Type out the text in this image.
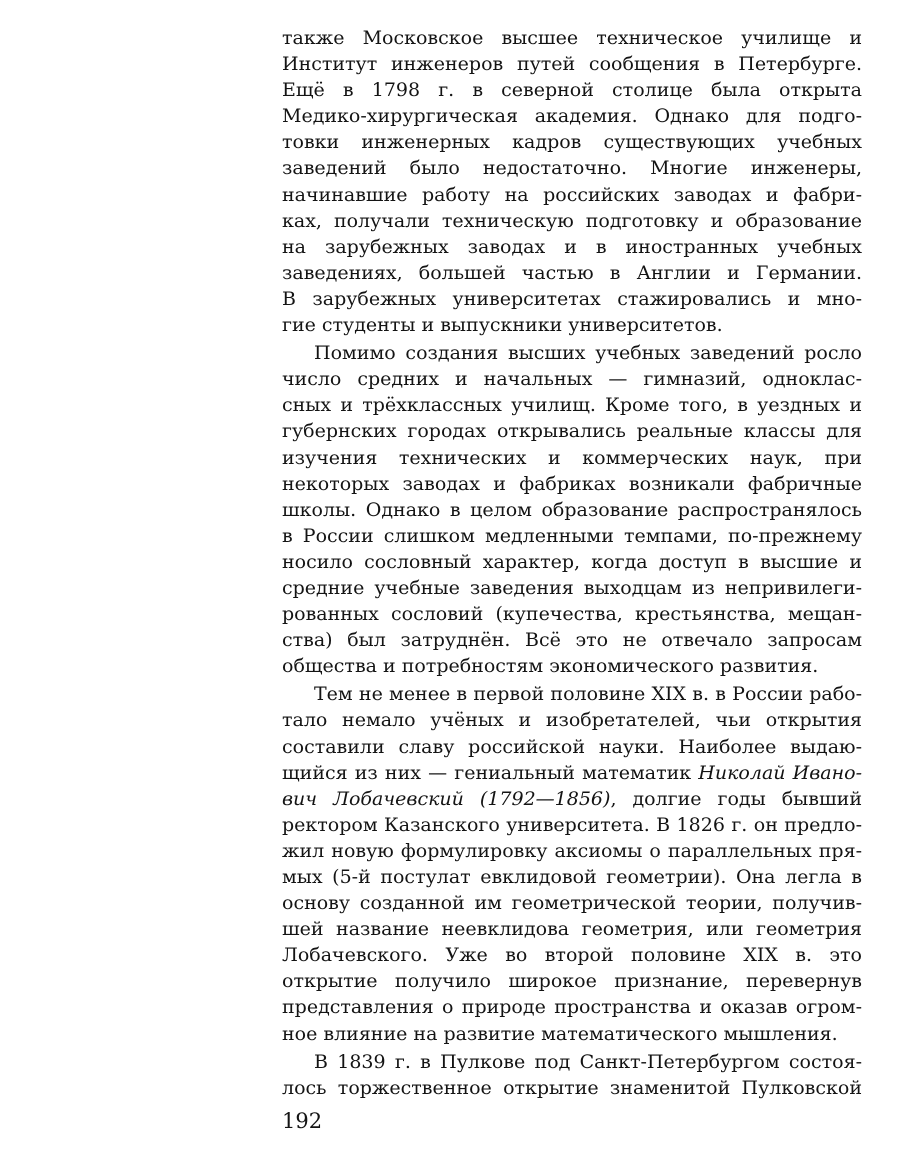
также Московское высшее техническое училище и
Институт инженеров путей сообщения в Петербурге.
Ещё в 1798 г. в северной столице была открыта
Медико-хирургическая академия. Однако для подго-
товки инженерных кадров существующих учебных
заведений было недостаточно. Многие инженеры,
начинавшие работу на российских заводах и фабри-
ках, получали техническую подготовку и образование
на зарубежных заводах и в иностранных учебных
заведениях, большей частью в Англии и Германии.
В зарубежных университетах стажировались и мно-
гие студенты и выпускники университетов.
Помимо создания высших учебных заведений росло
число средних и начальных — гимназий, одноклас-
сных и трёхклассных училищ. Кроме того, в уездных и
губернских городах открывались реальные классы для
изучения технических и коммерческих наук, при
некоторых заводах и фабриках возникали фабричные
школы. Однако в целом образование распространялось
в России слишком медленными темпами, по-прежнему
носило сословный характер, когда доступ в высшие и
средние учебные заведения выходцам из непривилеги-
рованных сословий (купечества, крестьянства, мещан-
ства) был затруднён. Всё это не отвечало запросам
общества и потребностям экономического развития.
Тем не менее в первой половине XIX в. в России рабо-
тало немало учёных и изобретателей, чьи открытия
составили славу российской науки. Наиболее выдаю-
щийся из них — гениальный математик Николай Ивано-
вич Лобачевский (1792—1856), долгие годы бывший
ректором Казанского университета. В 1826 г. он предло-
жил новую формулировку аксиомы о параллельных пря-
мых (5-й постулат евклидовой геометрии). Она легла в
основу созданной им геометрической теории, получив-
шей название неевклидова геометрия, или геометрия
Лобачевского. Уже во второй половине XIX в. это
открытие получило широкое признание, перевернув
представления о природе пространства и оказав огром-
ное влияние на развитие математического мышления.
В 1839 г. в Пулкове под Санкт-Петербургом состоя-
лось торжественное открытие знаменитой Пулковской
192
